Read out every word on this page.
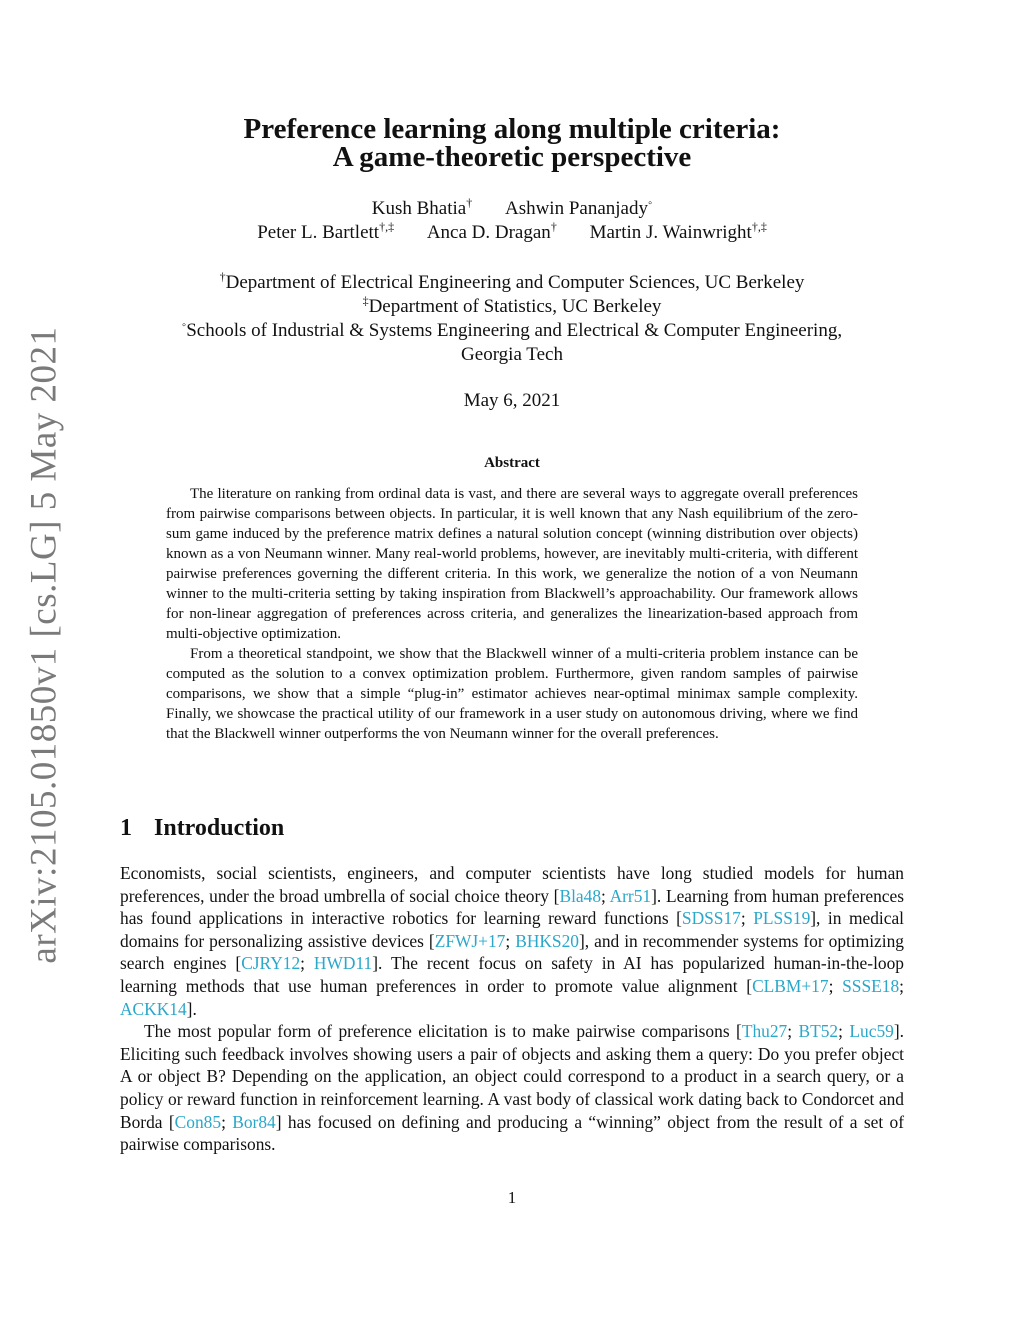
arXiv:2105.01850v1 [cs.LG] 5 May 2021
Preference learning along multiple criteria:
A game-theoretic perspective
Kush Bhatia† Ashwin Pananjady◦
Peter L. Bartlett†,‡ Anca D. Dragan† Martin J. Wainwright†,‡
†Department of Electrical Engineering and Computer Sciences, UC Berkeley
‡Department of Statistics, UC Berkeley
◦Schools of Industrial & Systems Engineering and Electrical & Computer Engineering,
Georgia Tech
May 6, 2021
Abstract

The literature on ranking from ordinal data is vast, and there are several ways to aggregate overall preferences from pairwise comparisons between objects. In particular, it is well known that any Nash equilibrium of the zero-sum game induced by the preference matrix defines a natural solution concept (winning distribution over objects) known as a von Neumann winner. Many real-world problems, however, are inevitably multi-criteria, with different pairwise preferences governing the different criteria. In this work, we generalize the notion of a von Neumann winner to the multi-criteria setting by taking inspiration from Blackwell’s approachability. Our framework allows for non-linear aggregation of preferences across criteria, and generalizes the linearization-based approach from multi-objective optimization.

From a theoretical standpoint, we show that the Blackwell winner of a multi-criteria problem instance can be computed as the solution to a convex optimization problem. Furthermore, given random samples of pairwise comparisons, we show that a simple “plug-in” estimator achieves near-optimal minimax sample complexity. Finally, we showcase the practical utility of our framework in a user study on autonomous driving, where we find that the Blackwell winner outperforms the von Neumann winner for the overall preferences.

1 Introduction

Economists, social scientists, engineers, and computer scientists have long studied models for human preferences, under the broad umbrella of social choice theory [Bla48; Arr51]. Learning from human preferences has found applications in interactive robotics for learning reward functions [SDSS17; PLSS19], in medical domains for personalizing assistive devices [ZFWJ+17; BHKS20], and in recommender systems for optimizing search engines [CJRY12; HWD11]. The recent focus on safety in AI has popularized human-in-the-loop learning methods that use human preferences in order to promote value alignment [CLBM+17; SSSE18; ACKK14].

The most popular form of preference elicitation is to make pairwise comparisons [Thu27; BT52; Luc59]. Eliciting such feedback involves showing users a pair of objects and asking them a query: Do you prefer object A or object B? Depending on the application, an object could correspond to a product in a search query, or a policy or reward function in reinforcement learning. A vast body of classical work dating back to Condorcet and Borda [Con85; Bor84] has focused on defining and producing a “winning” object from the result of a set of pairwise comparisons.

1
